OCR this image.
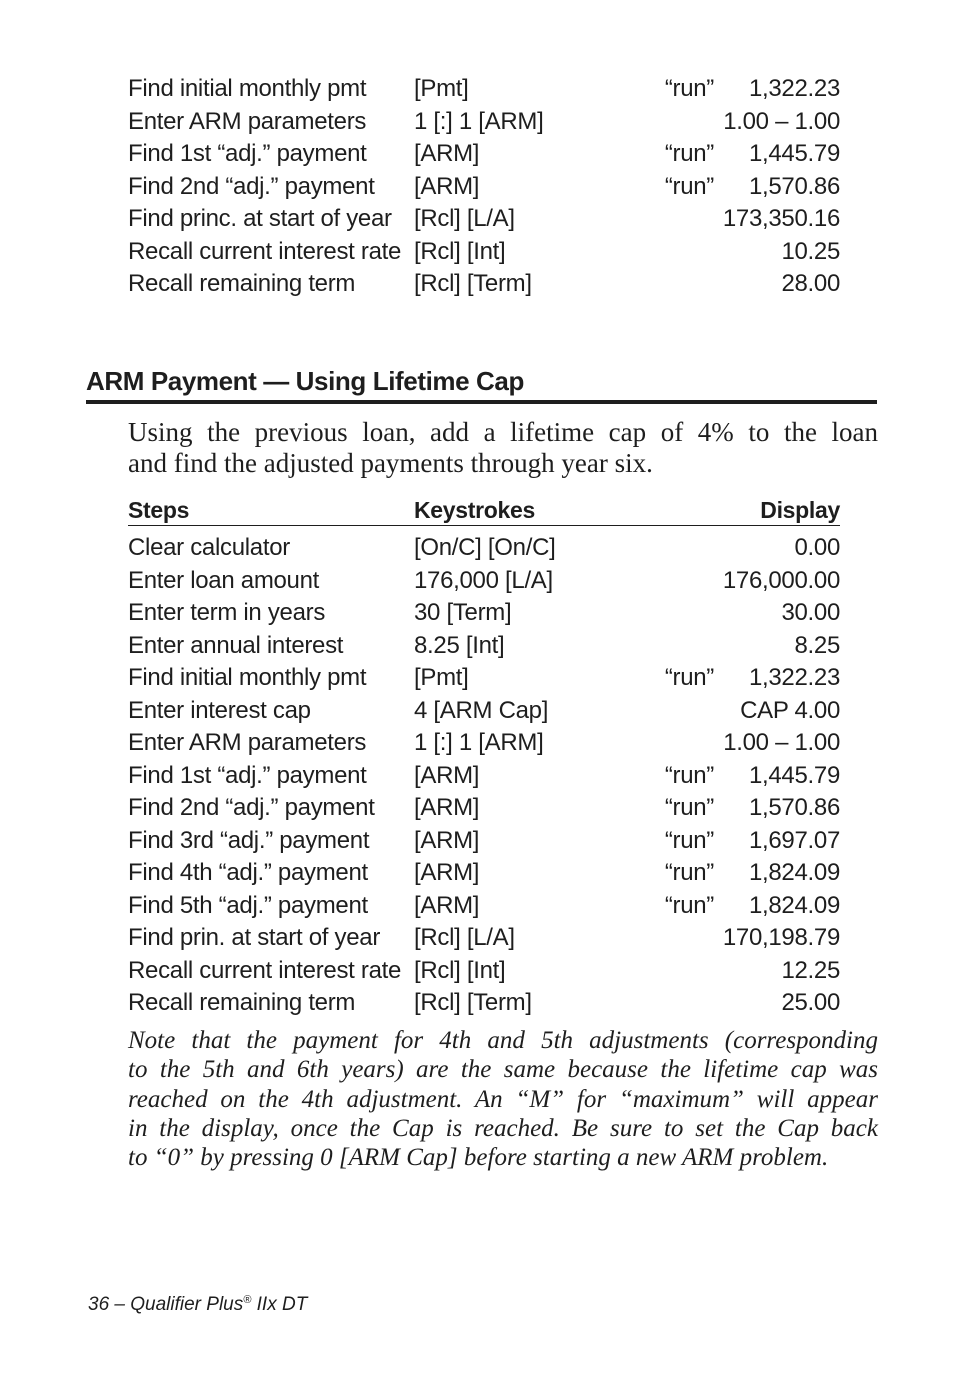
Find initial monthly pmt [Pmt]	“run” 1,322.23
Enter ARM parameters 1 [:] 1 [ARM]	1.00 – 1.00
Find 1st “adj.” payment [ARM]	“run” 1,445.79
Find 2nd “adj.” payment [ARM]	“run” 1,570.86
Find princ. at start of year [Rcl] [L/A]	173,350.16
Recall current interest rate [Rcl] [Int]	10.25
Recall remaining term [Rcl] [Term]	28.00
ARM Payment — Using Lifetime Cap
Using the previous loan, add a lifetime cap of 4% to the loan
and find the adjusted payments through year six.
Steps	Keystrokes	Display
Clear calculator	[On/C] [On/C]	0.00
Enter loan amount	176,000 [L/A]	176,000.00
Enter term in years	30 [Term]	30.00
Enter annual interest	8.25 [Int]	8.25
Find initial monthly pmt [Pmt]	“run” 1,322.23
Enter interest cap	4 [ARM Cap]	CAP 4.00
Enter ARM parameters 1 [:] 1 [ARM]	1.00 – 1.00
Find 1st “adj.” payment [ARM]	“run” 1,445.79
Find 2nd “adj.” payment [ARM]	“run” 1,570.86
Find 3rd “adj.” payment [ARM]	“run” 1,697.07
Find 4th “adj.” payment [ARM]	“run” 1,824.09
Find 5th “adj.” payment [ARM]	“run” 1,824.09
Find prin. at start of year [Rcl] [L/A]	170,198.79
Recall current interest rate [Rcl] [Int]	12.25
Recall remaining term [Rcl] [Term]	25.00
Note that the payment for 4th and 5th adjustments (corresponding
to the 5th and 6th years) are the same because the lifetime cap was
reached on the 4th adjustment. An “M” for “maximum” will appear
in the display, once the Cap is reached. Be sure to set the Cap back
to “0” by pressing 0 [ARM Cap] before starting a new ARM problem.
36 – Qualifier Plus® IIx DT
